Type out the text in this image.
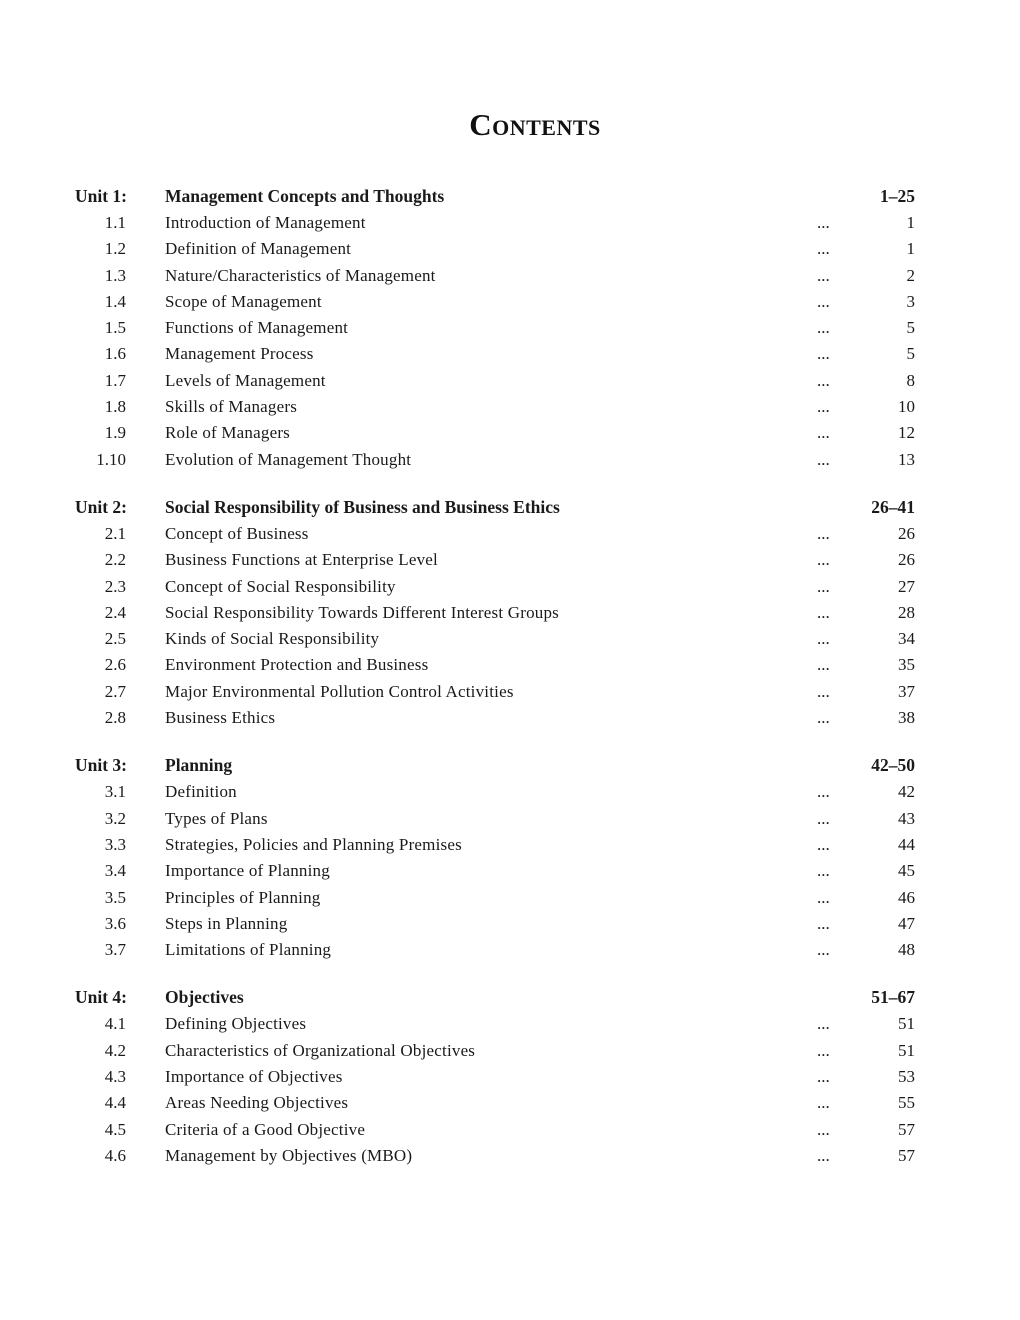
Contents
Unit 1: Management Concepts and Thoughts	1–25
1.1 Introduction of Management	...	1
1.2 Definition of Management	...	1
1.3 Nature/Characteristics of Management	...	2
1.4 Scope of Management	...	3
1.5 Functions of Management	...	5
1.6 Management Process	...	5
1.7 Levels of Management	...	8
1.8 Skills of Managers	...	10
1.9 Role of Managers	...	12
1.10 Evolution of Management Thought	...	13
Unit 2: Social Responsibility of Business and Business Ethics	26–41
2.1 Concept of Business	...	26
2.2 Business Functions at Enterprise Level	...	26
2.3 Concept of Social Responsibility	...	27
2.4 Social Responsibility Towards Different Interest Groups	...	28
2.5 Kinds of Social Responsibility	...	34
2.6 Environment Protection and Business	...	35
2.7 Major Environmental Pollution Control Activities	...	37
2.8 Business Ethics	...	38
Unit 3: Planning	42–50
3.1 Definition	...	42
3.2 Types of Plans	...	43
3.3 Strategies, Policies and Planning Premises	...	44
3.4 Importance of Planning	...	45
3.5 Principles of Planning	...	46
3.6 Steps in Planning	...	47
3.7 Limitations of Planning	...	48
Unit 4: Objectives	51–67
4.1 Defining Objectives	...	51
4.2 Characteristics of Organizational Objectives	...	51
4.3 Importance of Objectives	...	53
4.4 Areas Needing Objectives	...	55
4.5 Criteria of a Good Objective	...	57
4.6 Management by Objectives (MBO)	...	57
